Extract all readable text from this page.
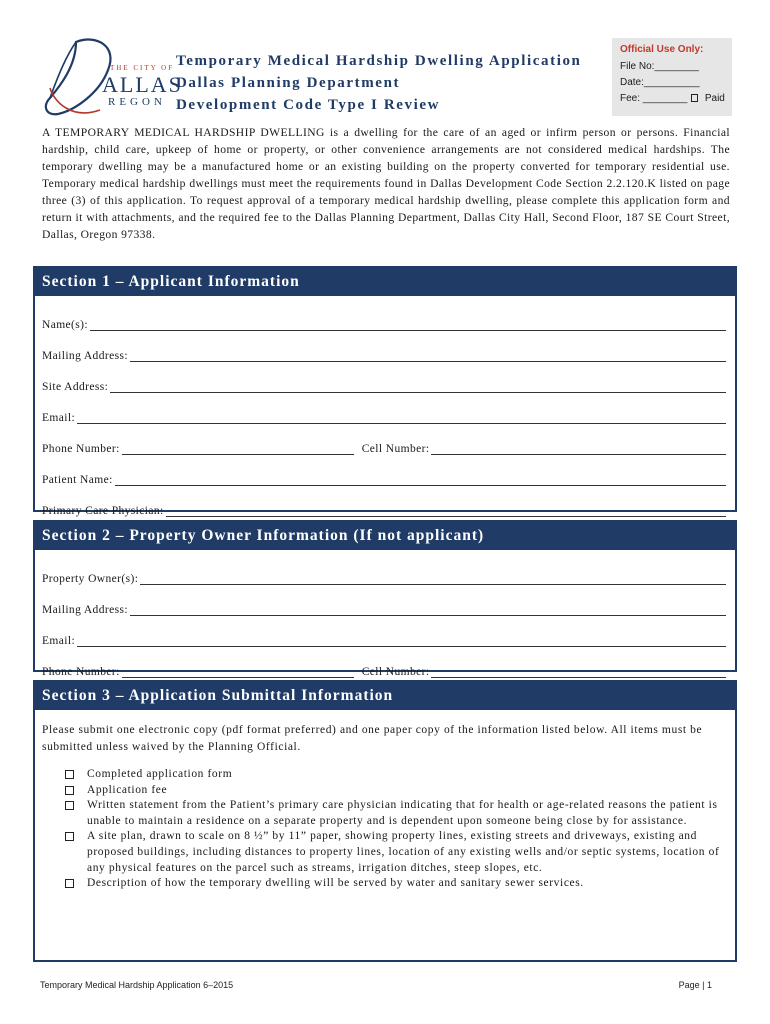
THE CITY OF
ALLAS
REGON
Temporary Medical Hardship Dwelling Application
Dallas Planning Department
Development Code Type I Review
Official Use Only:
File No:________
Date:__________
Fee: ________ Paid

A TEMPORARY MEDICAL HARDSHIP DWELLING is a dwelling for the care of an aged or infirm person or persons. Financial hardship, child care, upkeep of home or property, or other convenience arrangements are not considered medical hardships. The temporary dwelling may be a manufactured home or an existing building on the property converted for temporary residential use. Temporary medical hardship dwellings must meet the requirements found in Dallas Development Code Section 2.2.120.K listed on page three (3) of this application. To request approval of a temporary medical hardship dwelling, please complete this application form and return it with attachments, and the required fee to the Dallas Planning Department, Dallas City Hall, Second Floor, 187 SE Court Street, Dallas, Oregon 97338.

Section 1 – Applicant Information
Name(s):
Mailing Address:
Site Address:
Email:
Phone Number:	Cell Number:
Patient Name:
Primary Care Physician:
Section 2 – Property Owner Information (If not applicant)
Property Owner(s):
Mailing Address:
Email:
Phone Number:	Cell Number:
Section 3 – Application Submittal Information

Please submit one electronic copy (pdf format preferred) and one paper copy of the information listed below. All items must be submitted unless waived by the Planning Official.

Completed application form
Application fee
Written statement from the Patient’s primary care physician indicating that for health or age-related reasons the patient is unable to maintain a residence on a separate property and is dependent upon someone being close by for assistance.
A site plan, drawn to scale on 8 ½” by 11” paper, showing property lines, existing streets and driveways, existing and proposed buildings, including distances to property lines, location of any existing wells and/or septic systems, location of any physical features on the parcel such as streams, irrigation ditches, steep slopes, etc.
Description of how the temporary dwelling will be served by water and sanitary sewer services.
Temporary Medical Hardship Application 6–2015	Page | 1
